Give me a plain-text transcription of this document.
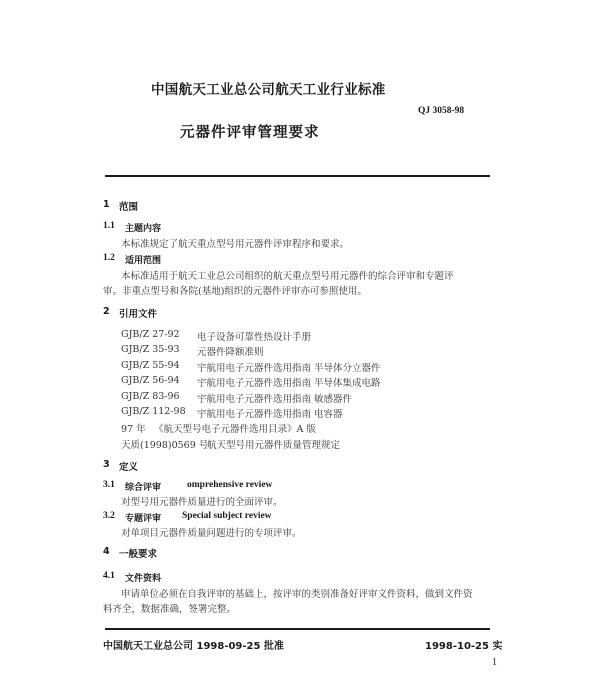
中国航天工业总公司航天工业行业标准
QJ 3058-98
元器件评审管理要求
1 范围
1.1 主题内容
本标准规定了航天重点型号用元器件评审程序和要求。
1.2 适用范围
本标准适用于航天工业总公司组织的航天重点型号用元器件的综合评审和专题评
审。非重点型号和各院(基地)组织的元器件评审亦可参照使用。
2 引用文件
GJB/Z 27-92 电子设备可靠性热设计手册
GJB/Z 35-93 元器件降额准则
GJB/Z 55-94 宇航用电子元器件选用指南 半导体分立器件
GJB/Z 56-94 宇航用电子元器件选用指南 半导体集成电路
GJB/Z 83-96 宇航用电子元器件选用指南 敏感器件
GJB/Z 112-98 宇航用电子元器件选用指南 电容器
97 年 《航天型号电子元器件选用目录》A 版
天质(1998)0569 号
航天型号用元器件质量管理规定
3 定义
3.1 综合评审	omprehensive review
对型号用元器件质量进行的全面评审。
3.2 专题评审 Special subject review
对单项目元器件质量问题进行的专项评审。
4 一般要求
4.1 文件资料
申请单位必须在自我评审的基础上，按评审的类别准备好评审文件资料，做到文件资
料齐全，数据准确，签署完整。
中国航天工业总公司 1998-09-25 批准	1998-10-25 实
1
